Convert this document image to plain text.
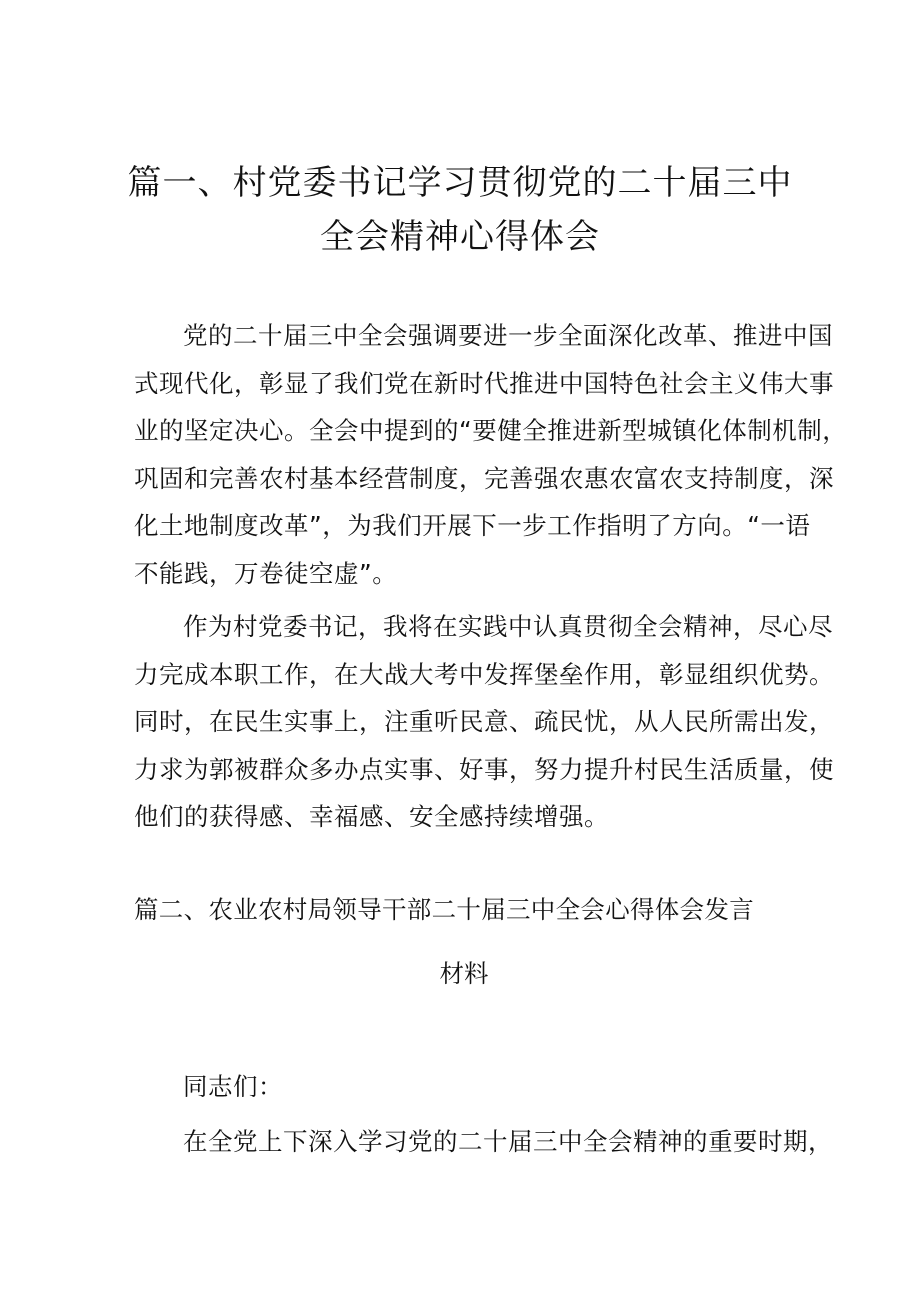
篇一、村党委书记学习贯彻党的二十届三中
全会精神心得体会

党的二十届三中全会强调要进一步全面深化改革、推进中国
式现代化，彰显了我们党在新时代推进中国特色社会主义伟大事
业的坚定决心。全会中提到的“要健全推进新型城镇化体制机制，
巩固和完善农村基本经营制度，完善强农惠农富农支持制度，深
化土地制度改革”，为我们开展下一步工作指明了方向。“一语
不能践，万卷徒空虚”。

作为村党委书记，我将在实践中认真贯彻全会精神，尽心尽
力完成本职工作，在大战大考中发挥堡垒作用，彰显组织优势。
同时，在民生实事上，注重听民意、疏民忧，从人民所需出发，
力求为郭被群众多办点实事、好事，努力提升村民生活质量，使
他们的获得感、幸福感、安全感持续增强。

篇二、农业农村局领导干部二十届三中全会心得体会发言
材料

同志们：

在全党上下深入学习党的二十届三中全会精神的重要时期，
